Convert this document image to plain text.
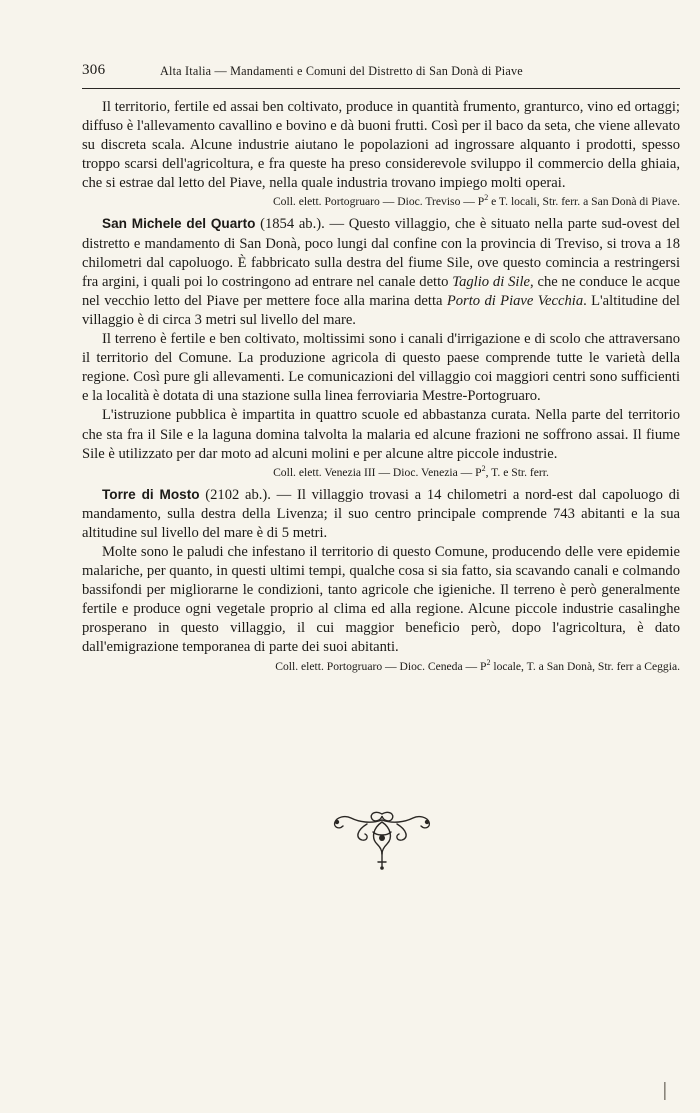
306	Alta Italia — Mandamenti e Comuni del Distretto di San Donà di Piave

Il territorio, fertile ed assai ben coltivato, produce in quantità frumento, granturco, vino ed ortaggi; diffuso è l'allevamento cavallino e bovino e dà buoni frutti. Così per il baco da seta, che viene allevato su discreta scala. Alcune industrie aiutano le popolazioni ad ingrossare alquanto i prodotti, spesso troppo scarsi dell'agricoltura, e fra queste ha preso considerevole sviluppo il commercio della ghiaia, che si estrae dal letto del Piave, nella quale industria trovano impiego molti operai.

Coll. elett. Portogruaro — Dioc. Treviso — $P^2$ e T. locali, Str. ferr. a San Donà di Piave.

San Michele del Quarto (1854 ab.). — Questo villaggio, che è situato nella parte sud-ovest del distretto e mandamento di San Donà, poco lungi dal confine con la provincia di Treviso, si trova a 18 chilometri dal capoluogo. È fabbricato sulla destra del fiume Sile, ove questo comincia a restringersi fra argini, i quali poi lo costringono ad entrare nel canale detto Taglio di Sile, che ne conduce le acque nel vecchio letto del Piave per mettere foce alla marina detta Porto di Piave Vecchia. L'altitudine del villaggio è di circa 3 metri sul livello del mare.

Il terreno è fertile e ben coltivato, moltissimi sono i canali d'irrigazione e di scolo che attraversano il territorio del Comune. La produzione agricola di questo paese comprende tutte le varietà della regione. Così pure gli allevamenti. Le comunicazioni del villaggio coi maggiori centri sono sufficienti e la località è dotata di una stazione sulla linea ferroviaria Mestre-Portogruaro.

L'istruzione pubblica è impartita in quattro scuole ed abbastanza curata. Nella parte del territorio che sta fra il Sile e la laguna domina talvolta la malaria ed alcune frazioni ne soffrono assai. Il fiume Sile è utilizzato per dar moto ad alcuni molini e per alcune altre piccole industrie.

Coll. elett. Venezia III — Dioc. Venezia — $P^2$, T. e Str. ferr.

Torre di Mosto (2102 ab.). — Il villaggio trovasi a 14 chilometri a nord-est dal capoluogo di mandamento, sulla destra della Livenza; il suo centro principale comprende 743 abitanti e la sua altitudine sul livello del mare è di 5 metri.

Molte sono le paludi che infestano il territorio di questo Comune, producendo delle vere epidemie malariche, per quanto, in questi ultimi tempi, qualche cosa si sia fatto, sia scavando canali e colmando bassifondi per migliorarne le condizioni, tanto agricole che igieniche. Il terreno è però generalmente fertile e produce ogni vegetale proprio al clima ed alla regione. Alcune piccole industrie casalinghe prosperano in questo villaggio, il cui maggior beneficio però, dopo l'agricoltura, è dato dall'emigrazione temporanea di parte dei suoi abitanti.

Coll. elett. Portogruaro — Dioc. Ceneda — $P^2$ locale, T. a San Donà, Str. ferr a Ceggia.
